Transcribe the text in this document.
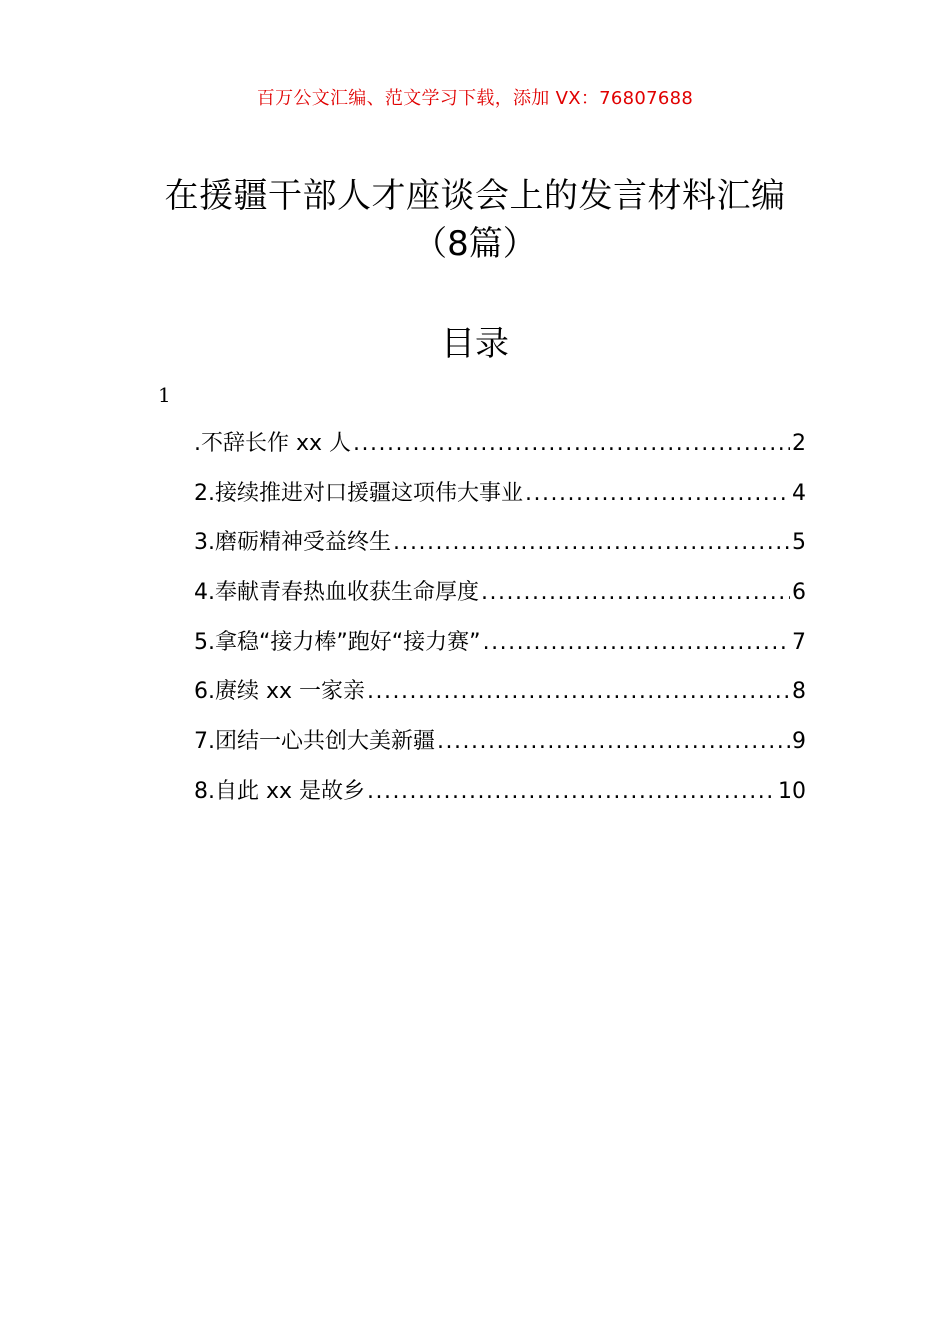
百万公文汇编、范文学习下载，添加 VX：76807688
在援疆干部人才座谈会上的发言材料汇编
（8篇）
目录
1
.不辞长作 xx 人 .....	2
2.接续推进对口援疆这项伟大事业 .....	4
3.磨砺精神受益终生 .....	5
4.奉献青春热血收获生命厚度 .....	6
5.拿稳“接力棒”跑好“接力赛” .....	7
6.赓续 xx 一家亲 .....	8
7.团结一心共创大美新疆 .....	9
8.自此 xx 是故乡 .....	10
